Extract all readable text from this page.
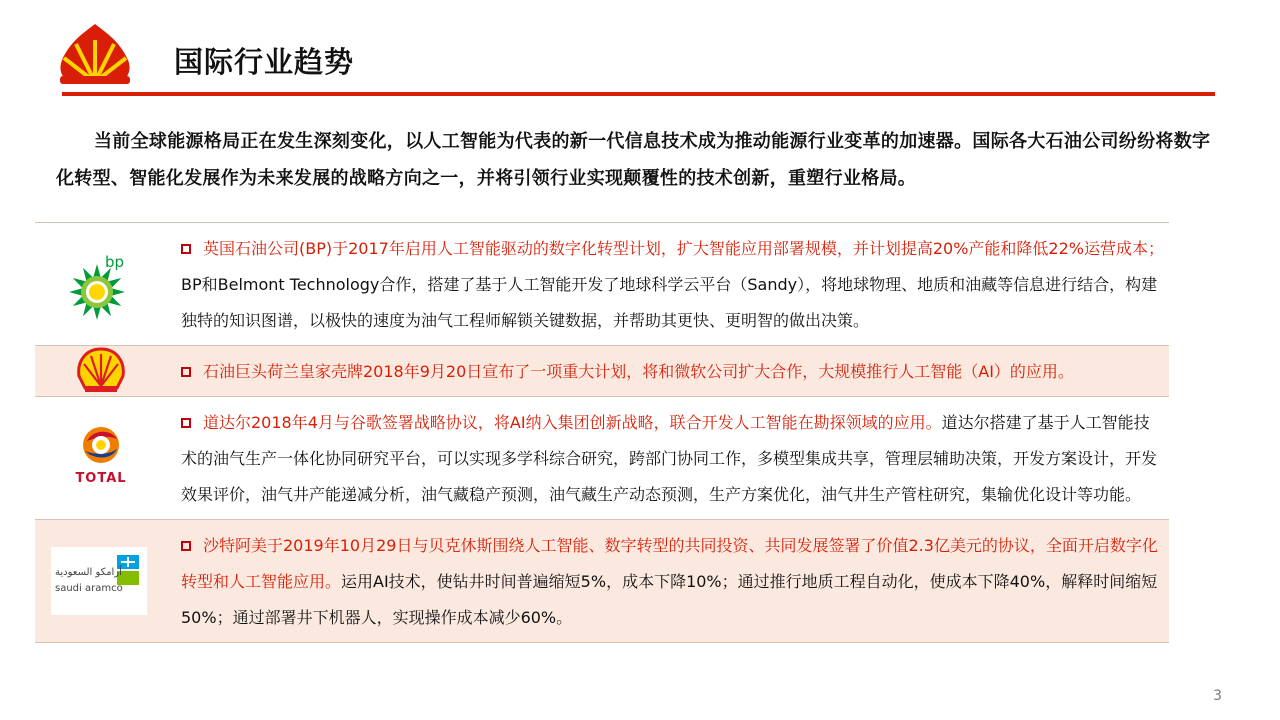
国际行业趋势
当前全球能源格局正在发生深刻变化，以人工智能为代表的新一代信息技术成为推动能源行业变革的加速器。国际各大石油公司纷纷将数字化转型、智能化发展作为未来发展的战略方向之一，并将引领行业实现颠覆性的技术创新，重塑行业格局。
bp
英国石油公司(BP)于2017年启用人工智能驱动的数字化转型计划，扩大智能应用部署规模，并计划提高20%产能和降低22%运营成本； BP和Belmont Technology合作，搭建了基于人工智能开发了地球科学云平台（Sandy），将地球物理、地质和油藏等信息进行结合，构建独特的知识图谱，以极快的速度为油气工程师解锁关键数据，并帮助其更快、更明智的做出决策。
石油巨头荷兰皇家壳牌2018年9月20日宣布了一项重大计划，将和微软公司扩大合作，大规模推行人工智能（AI）的应用。
TOTAL
道达尔2018年4月与谷歌签署战略协议，将AI纳入集团创新战略，联合开发人工智能在勘探领域的应用。道达尔搭建了基于人工智能技术的油气生产一体化协同研究平台，可以实现多学科综合研究，跨部门协同工作，多模型集成共享，管理层辅助决策，开发方案设计，开发效果评价，油气井产能递减分析，油气藏稳产预测，油气藏生产动态预测，生产方案优化，油气井生产管柱研究，集输优化设计等功能。
أرامكو السعودية
saudi aramco
沙特阿美于2019年10月29日与贝克休斯围绕人工智能、数字转型的共同投资、共同发展签署了价值2.3亿美元的协议，全面开启数字化转型和人工智能应用。运用AI技术，使钻井时间普遍缩短5%，成本下降10%；通过推行地质工程自动化，使成本下降40%，解释时间缩短50%；通过部署井下机器人，实现操作成本减少60%。
3
